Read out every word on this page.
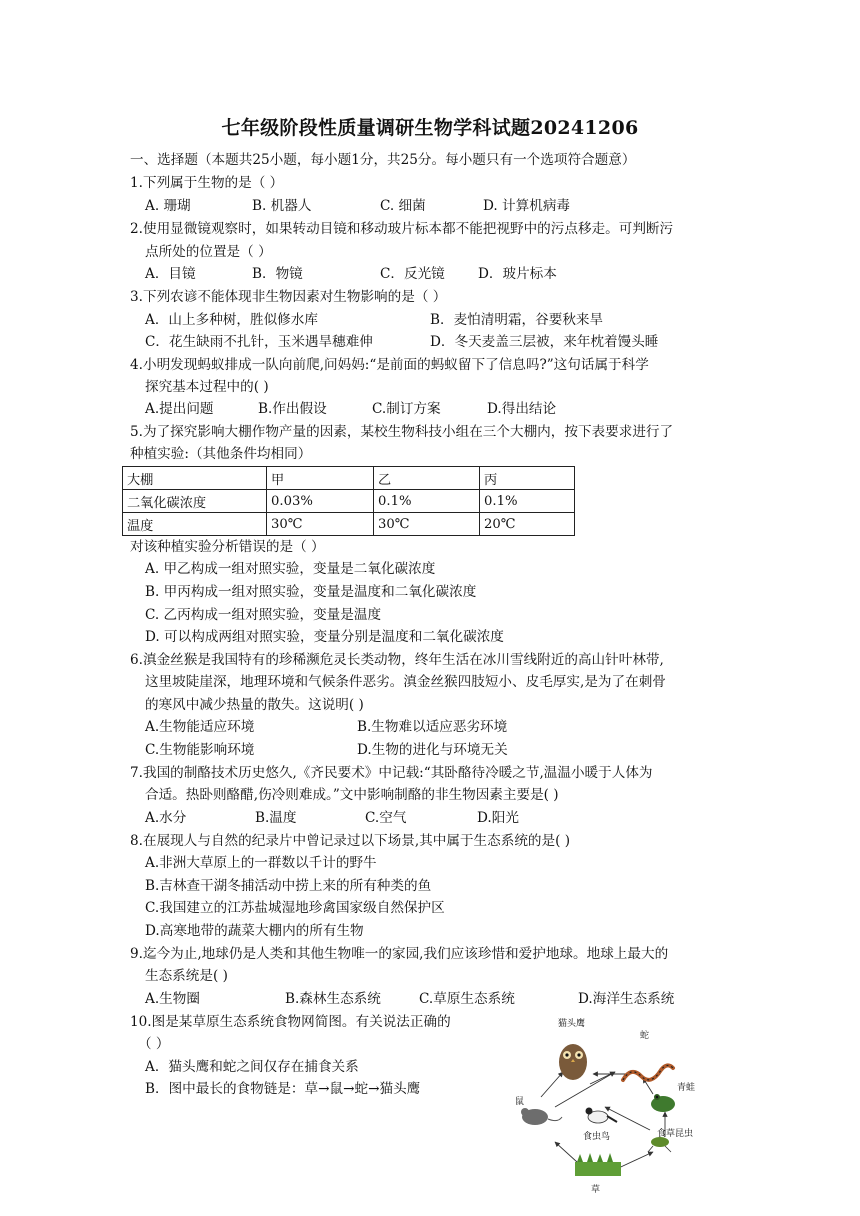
七年级阶段性质量调研生物学科试题20241206
一、选择题（本题共25小题，每小题1分，共25分。每小题只有一个选项符合题意）
1.下列属于生物的是（ ）
A. 珊瑚	B. 机器人	C. 细菌	D. 计算机病毒
2.使用显微镜观察时，如果转动目镜和移动玻片标本都不能把视野中的污点移走。可判断污
点所处的位置是（ ）
A．目镜	B．物镜	C．反光镜 D．玻片标本
3.下列农谚不能体现非生物因素对生物影响的是（ ）
A．山上多种树，胜似修水库	B．麦怕清明霜，谷要秋来旱
C．花生缺雨不扎针，玉米遇旱穗难伸	D．冬天麦盖三层被，来年枕着馒头睡
4.小明发现蚂蚁排成一队向前爬,问妈妈:“是前面的蚂蚁留下了信息吗?”这句话属于科学
探究基本过程中的( )
A.提出问题	B.作出假设	C.制订方案	D.得出结论
5.为了探究影响大棚作物产量的因素，某校生物科技小组在三个大棚内，按下表要求进行了
种植实验:（其他条件均相同）
大棚	甲	乙	丙
二氧化碳浓度	0.03%	0.1%	0.1%
温度	30℃	30℃	20℃
对该种植实验分析错误的是（ ）
A. 甲乙构成一组对照实验，变量是二氧化碳浓度
B. 甲丙构成一组对照实验，变量是温度和二氧化碳浓度
C. 乙丙构成一组对照实验，变量是温度
D. 可以构成两组对照实验，变量分别是温度和二氧化碳浓度
6.滇金丝猴是我国特有的珍稀濒危灵长类动物，终年生活在冰川雪线附近的高山针叶林带,
这里坡陡崖深，地理环境和气候条件恶劣。滇金丝猴四肢短小、皮毛厚实,是为了在刺骨
的寒风中减少热量的散失。这说明( )
A.生物能适应环境	B.生物难以适应恶劣环境
C.生物能影响环境	D.生物的进化与环境无关
7.我国的制酪技术历史悠久,《齐民要术》中记载:“其卧酪待冷暖之节,温温小暖于人体为
合适。热卧则酪醋,伤冷则难成。”文中影响制酪的非生物因素主要是( )
A.水分	B.温度	C.空气	D.阳光
8.在展现人与自然的纪录片中曾记录过以下场景,其中属于生态系统的是( )
A.非洲大草原上的一群数以千计的野牛
B.吉林查干湖冬捕活动中捞上来的所有种类的鱼
C.我国建立的江苏盐城湿地珍禽国家级自然保护区
D.高寒地带的蔬菜大棚内的所有生物
9.迄今为止,地球仍是人类和其他生物唯一的家园,我们应该珍惜和爱护地球。地球上最大的
生态系统是( )
A.生物圈	B.森林生态系统	C.草原生态系统	D.海洋生态系统
10.图是某草原生态系统食物网简图。有关说法正确的
（ ）
A．猫头鹰和蛇之间仅存在捕食关系
B．图中最长的食物链是：草→鼠→蛇→猫头鹰
猫头鹰
蛇
青蛙
鼠
食虫鸟	食草昆虫
草
